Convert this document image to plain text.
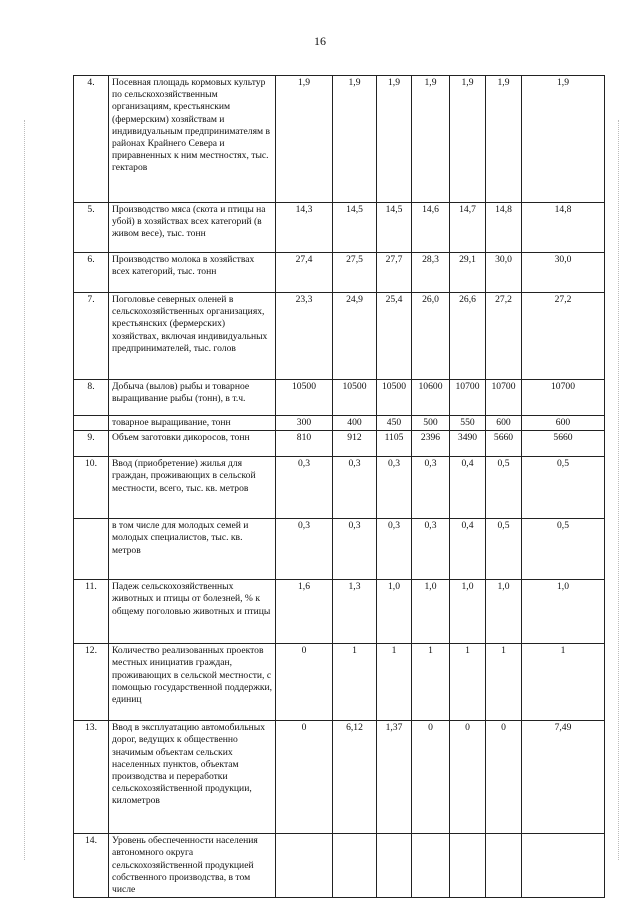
16
4.	Посевная площадь кормовых культур по сельскохозяйственным организациям, крестьянским (фермерским) хозяйствам и индивидуальным предпринимателям в районах Крайнего Севера и приравненных к ним местностях, тыс. гектаров	1,9	1,9	1,9	1,9	1,9	1,9	1,9
5.	Производство мяса (скота и птицы на убой) в хозяйствах всех категорий (в живом весе), тыс. тонн	14,3	14,5	14,5	14,6	14,7	14,8	14,8
6.	Производство молока в хозяйствах всех категорий, тыс. тонн	27,4	27,5	27,7	28,3	29,1	30,0	30,0
7.	Поголовье северных оленей в сельскохозяйственных организациях, крестьянских (фермерских) хозяйствах, включая индивидуальных предпринимателей, тыс. голов	23,3	24,9	25,4	26,0	26,6	27,2	27,2
8.	Добыча (вылов) рыбы и товарное выращивание рыбы (тонн), в т.ч.	10500	10500	10500	10600	10700	10700	10700
	товарное выращивание, тонн	300	400	450	500	550	600	600
9.	Объем заготовки дикоросов, тонн	810	912	1105	2396	3490	5660	5660
10.	Ввод (приобретение) жилья для граждан, проживающих в сельской местности, всего, тыс. кв. метров	0,3	0,3	0,3	0,3	0,4	0,5	0,5
	в том числе для молодых семей и молодых специалистов, тыс. кв. метров	0,3	0,3	0,3	0,3	0,4	0,5	0,5
11.	Падеж сельскохозяйственных животных и птицы от болезней, % к общему поголовью животных и птицы	1,6	1,3	1,0	1,0	1,0	1,0	1,0
12.	Количество реализованных проектов местных инициатив граждан, проживающих в сельской местности, с помощью государственной поддержки, единиц	0	1	1	1	1	1	1
13.	Ввод в эксплуатацию автомобильных дорог, ведущих к общественно значимым объектам сельских населенных пунктов, объектам производства и переработки сельскохозяйственной продукции, километров	0	6,12	1,37	0	0	0	7,49
14.	Уровень обеспеченности населения автономного округа сельскохозяйственной продукцией собственного производства, в том числе							
